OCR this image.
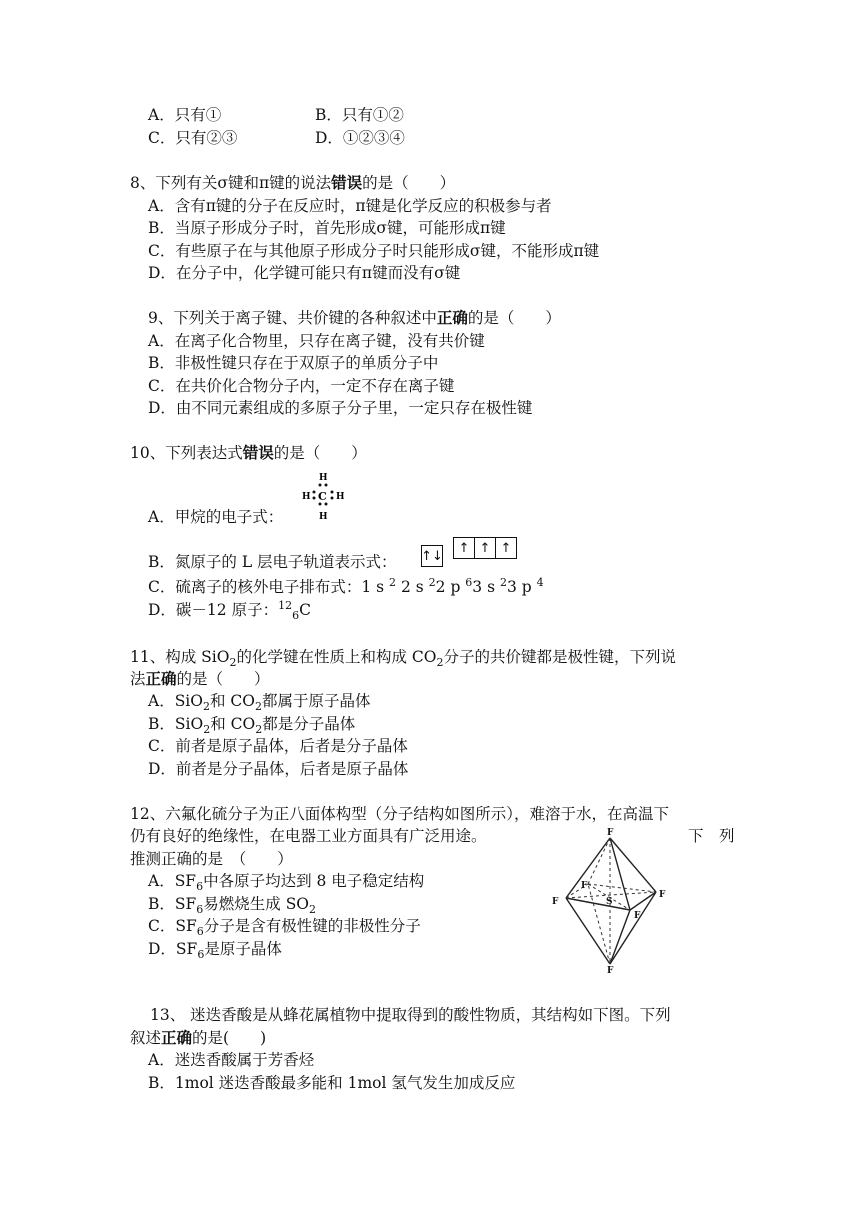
A．只有①	B．只有①②
C．只有②③	D．①②③④
8、下列有关σ键和π键的说法错误的是（　　）
A．含有π键的分子在反应时，π键是化学反应的积极参与者
B．当原子形成分子时，首先形成σ键，可能形成π键
C．有些原子在与其他原子形成分子时只能形成σ键，不能形成π键
D．在分子中，化学键可能只有π键而没有σ键
9、下列关于离子键、共价键的各种叙述中正确的是（　　）
A．在离子化合物里，只存在离子键，没有共价键
B．非极性键只存在于双原子的单质分子中
C．在共价化合物分子内，一定不存在离子键
D．由不同元素组成的多原子分子里，一定只存在极性键
10、下列表达式错误的是（　　）
H
C
H	H
H
A．甲烷的电子式：
B．氮原子的 L 层电子轨道表示式： ↑↓
↑ ↑ ↑
C．硫离子的核外电子排布式：1 s $^2$ 2 s $^2$2 p $^6$3 s $^2$3 p $^4$
D．碳－12 原子：$^{12}_6$C
11、构成 SiO$_2$的化学键在性质上和构成 $CO_2$分子的共价键都是极性键，下列说
法正确的是（　　）
A．SiO$_2$和 $CO_2$都属于原子晶体
B．SiO$_2$和 $CO_2$都是分子晶体
C．前者是原子晶体，后者是分子晶体
D．前者是分子晶体，后者是原子晶体
12、六氟化硫分子为正八面体构型（分子结构如图所示），难溶于水，在高温下
仍有良好的绝缘性，在电器工业方面具有广泛用途。	下　列
推测正确的是　（　　）
A．$SF_6$中各原子均达到 8 电子稳定结构
B．$SF_6$易燃烧生成 $SO_2$
C．$SF_6$分子是含有极性键的非极性分子
D．$SF_6$是原子晶体
F
F
F
F
F
F
S
13、 迷迭香酸是从蜂花属植物中提取得到的酸性物质，其结构如下图。下列
叙述正确的是(　　)
A．迷迭香酸属于芳香烃
B．1mol 迷迭香酸最多能和 1mol 氢气发生加成反应
